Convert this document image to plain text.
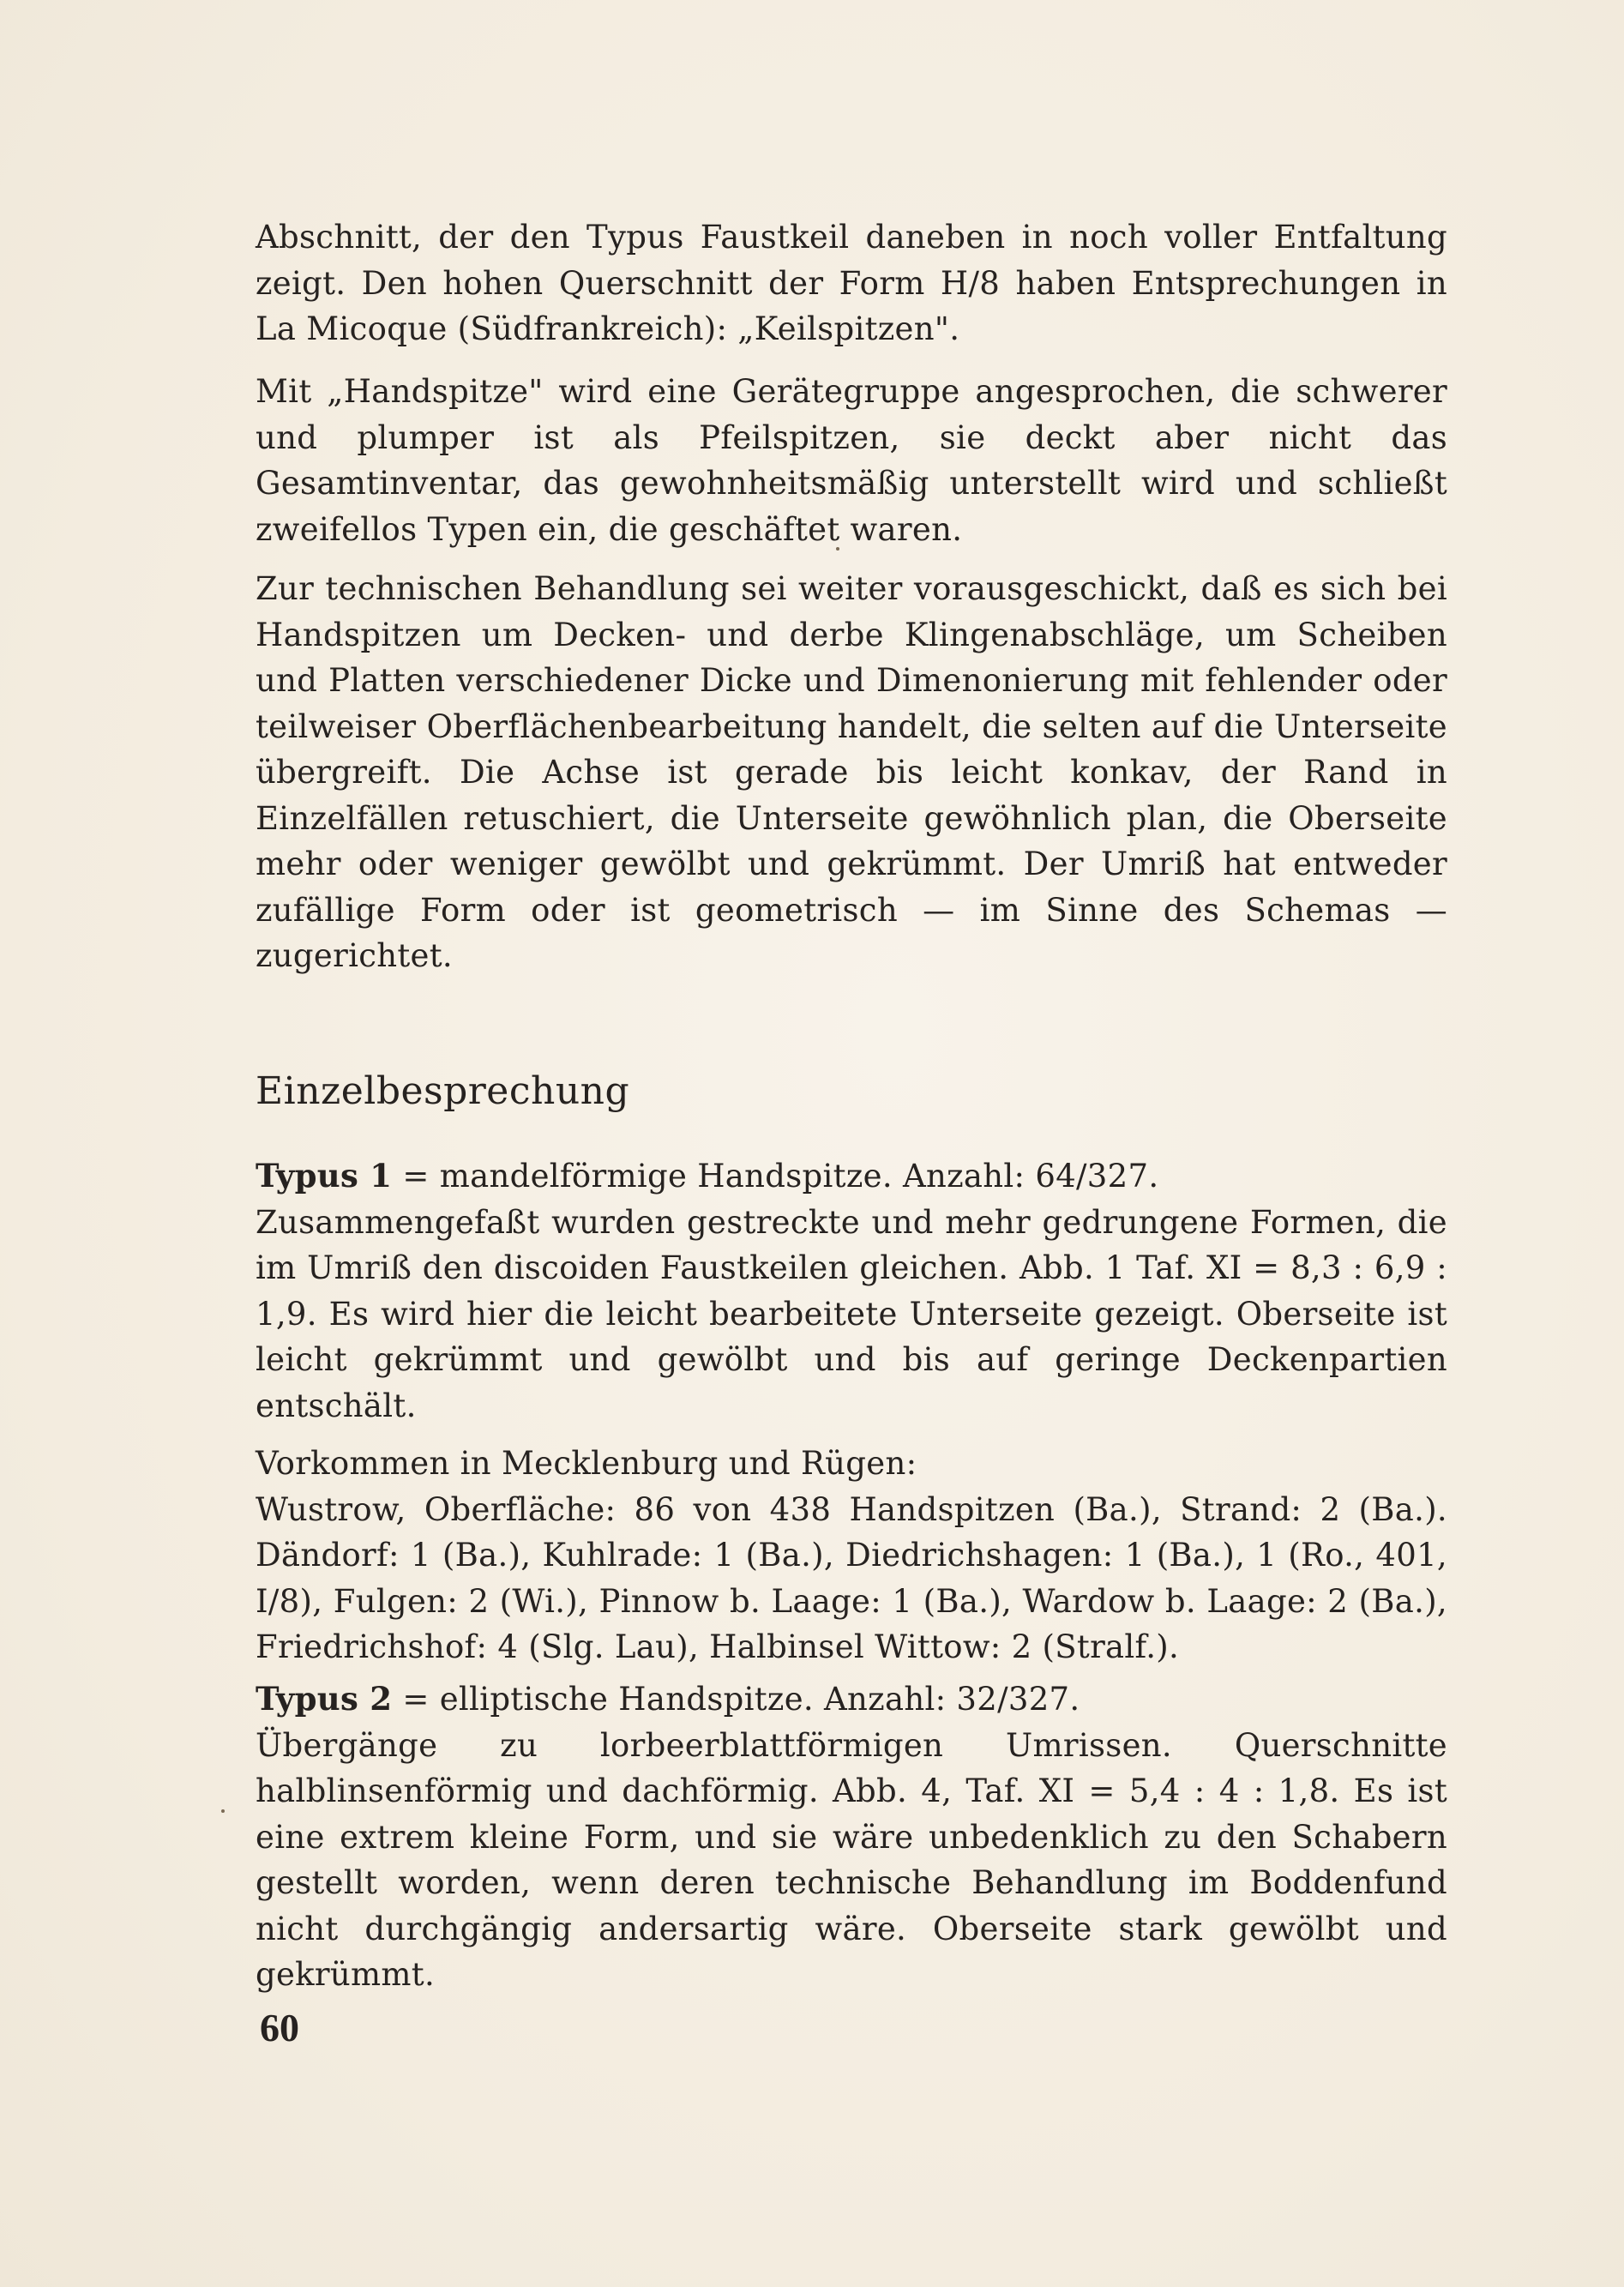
Abschnitt, der den Typus Faustkeil daneben in noch voller Entfaltung zeigt. Den hohen Querschnitt der Form H/8 haben Entsprechungen in La Micoque (Südfrankreich): „Keilspitzen".

Mit „Handspitze" wird eine Gerätegruppe angesprochen, die schwerer und plumper ist als Pfeilspitzen, sie deckt aber nicht das Gesamtinventar, das gewohnheitsmäßig unterstellt wird und schließt zweifellos Typen ein, die geschäftet waren.

Zur technischen Behandlung sei weiter vorausgeschickt, daß es sich bei Handspitzen um Decken- und derbe Klingenabschläge, um Scheiben und Platten verschiedener Dicke und Dimenonierung mit fehlender oder teilweiser Oberflächenbearbeitung handelt, die selten auf die Unterseite übergreift. Die Achse ist gerade bis leicht konkav, der Rand in Einzelfällen retuschiert, die Unterseite gewöhnlich plan, die Oberseite mehr oder weniger gewölbt und gekrümmt. Der Umriß hat entweder zufällige Form oder ist geometrisch — im Sinne des Schemas — zugerichtet.

Einzelbesprechung

Typus 1 = mandelförmige Handspitze. Anzahl: 64/327.

Zusammengefaßt wurden gestreckte und mehr gedrungene Formen, die im Umriß den discoiden Faustkeilen gleichen. Abb. 1 Taf. XI = 8,3 : 6,9 : 1,9. Es wird hier die leicht bearbeitete Unterseite gezeigt. Oberseite ist leicht gekrümmt und gewölbt und bis auf geringe Deckenpartien entschält.

Vorkommen in Mecklenburg und Rügen:

Wustrow, Oberfläche: 86 von 438 Handspitzen (Ba.), Strand: 2 (Ba.). Dändorf: 1 (Ba.), Kuhlrade: 1 (Ba.), Diedrichshagen: 1 (Ba.), 1 (Ro., 401, I/8), Fulgen: 2 (Wi.), Pinnow b. Laage: 1 (Ba.), Wardow b. Laage: 2 (Ba.), Friedrichshof: 4 (Slg. Lau), Halbinsel Wittow: 2 (Stralf.).

Typus 2 = elliptische Handspitze. Anzahl: 32/327.

Übergänge zu lorbeerblattförmigen Umrissen. Querschnitte halblinsenförmig und dachförmig. Abb. 4, Taf. XI = 5,4 : 4 : 1,8. Es ist eine extrem kleine Form, und sie wäre unbedenklich zu den Schabern gestellt worden, wenn deren technische Behandlung im Boddenfund nicht durchgängig andersartig wäre. Oberseite stark gewölbt und gekrümmt.

60
